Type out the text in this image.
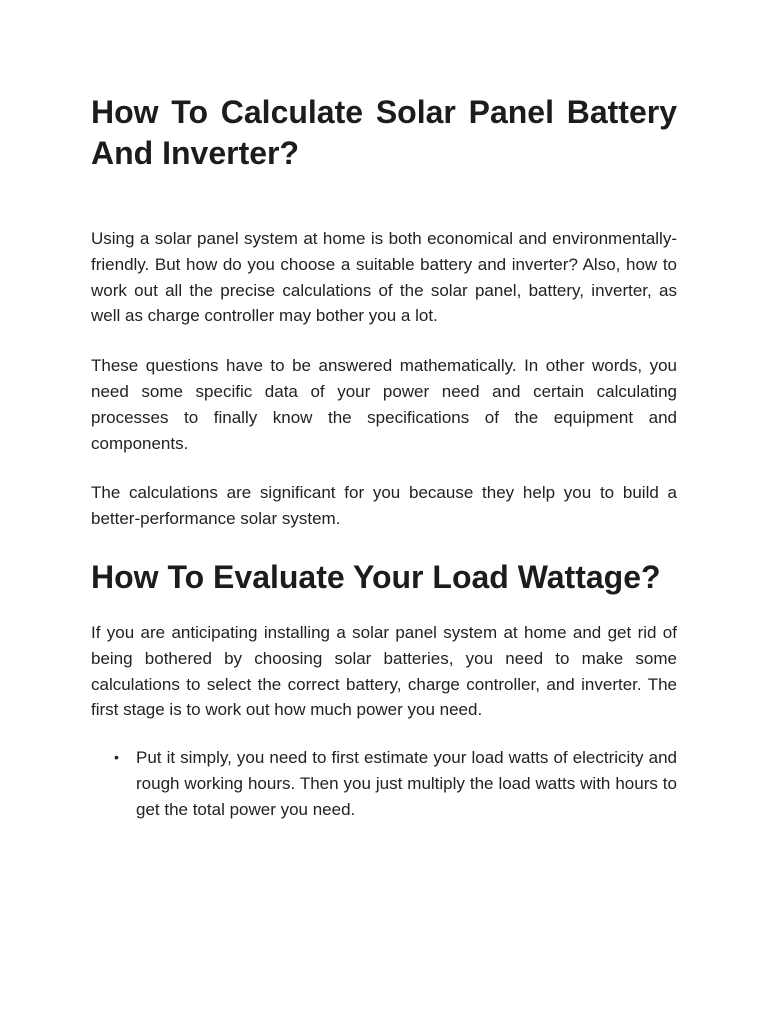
How To Calculate Solar Panel Battery And Inverter?

Using a solar panel system at home is both economical and environmentally-friendly. But how do you choose a suitable battery and inverter? Also, how to work out all the precise calculations of the solar panel, battery, inverter, as well as charge controller may bother you a lot.

These questions have to be answered mathematically. In other words, you need some specific data of your power need and certain calculating processes to finally know the specifications of the equipment and components.

The calculations are significant for you because they help you to build a better-performance solar system.

How To Evaluate Your Load Wattage?

If you are anticipating installing a solar panel system at home and get rid of being bothered by choosing solar batteries, you need to make some calculations to select the correct battery, charge controller, and inverter. The first stage is to work out how much power you need.

• Put it simply, you need to first estimate your load watts of electricity and rough working hours. Then you just multiply the load watts with hours to get the total power you need.
